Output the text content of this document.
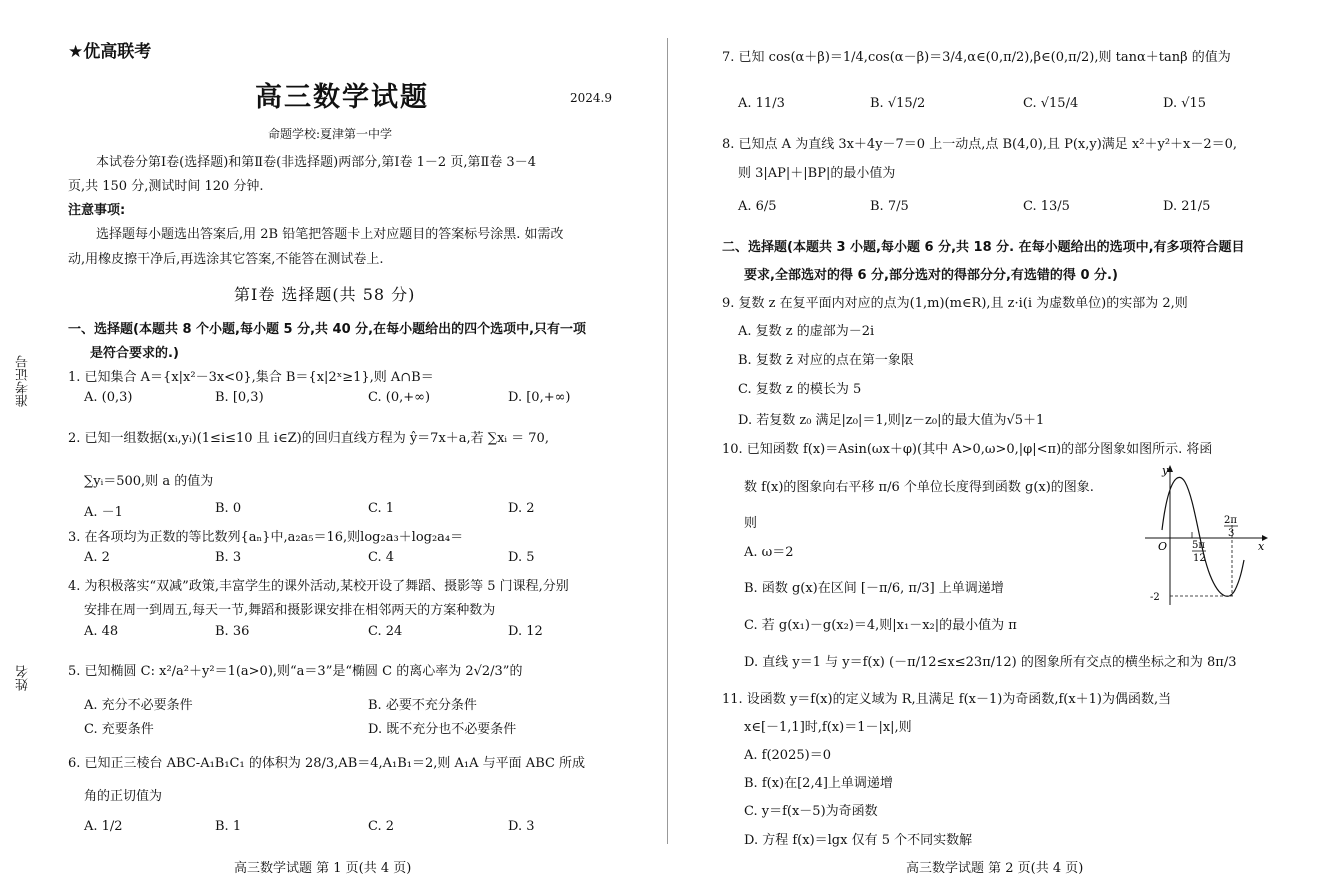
准考证号
姓名
★优高联考
高三数学试题	2024.9
命题学校:夏津第一中学
本试卷分第Ⅰ卷(选择题)和第Ⅱ卷(非选择题)两部分,第Ⅰ卷 1－2 页,第Ⅱ卷 3－4
页,共 150 分,测试时间 120 分钟.
注意事项:
选择题每小题选出答案后,用 2B 铅笔把答题卡上对应题目的答案标号涂黑. 如需改
动,用橡皮擦干净后,再选涂其它答案,不能答在测试卷上.
第Ⅰ卷 选择题(共 58 分)
一、选择题(本题共 8 个小题,每小题 5 分,共 40 分,在每小题给出的四个选项中,只有一项
是符合要求的.)
1. 已知集合 A＝{x|x²－3x<0},集合 B＝{x|2ˣ≥1},则 A∩B＝
A. (0,3)	B. [0,3)	C. (0,+∞)	D. [0,+∞)
2. 已知一组数据(xᵢ,yᵢ)(1≤i≤10 且 i∈Z)的回归直线方程为 ŷ＝7x＋a,若 ∑xᵢ ＝ 70,
∑yᵢ＝500,则 a 的值为
A. －1	B. 0	C. 1	D. 2
3. 在各项均为正数的等比数列{aₙ}中,a₂a₅＝16,则log₂a₃＋log₂a₄＝
A. 2	B. 3	C. 4	D. 5
4. 为积极落实“双减”政策,丰富学生的课外活动,某校开设了舞蹈、摄影等 5 门课程,分别
安排在周一到周五,每天一节,舞蹈和摄影课安排在相邻两天的方案种数为
A. 48	B. 36	C. 24	D. 12
5. 已知椭圆 C: x²/a²＋y²＝1(a>0),则“a＝3”是“椭圆 C 的离心率为 2√2/3”的
A. 充分不必要条件	B. 必要不充分条件
C. 充要条件	D. 既不充分也不必要条件
6. 已知正三棱台 ABC-A₁B₁C₁ 的体积为 28/3,AB＝4,A₁B₁＝2,则 A₁A 与平面 ABC 所成
角的正切值为
A. 1/2	B. 1	C. 2	D. 3
高三数学试题 第 1 页(共 4 页)
7. 已知 cos(α＋β)＝1/4,cos(α－β)＝3/4,α∈(0,π/2),β∈(0,π/2),则 tanα＋tanβ 的值为
A. 11/3	B. √15/2	C. √15/4	D. √15
8. 已知点 A 为直线 3x＋4y－7＝0 上一动点,点 B(4,0),且 P(x,y)满足 x²＋y²＋x－2＝0,
则 3|AP|＋|BP|的最小值为
A. 6/5	B. 7/5	C. 13/5	D. 21/5
二、选择题(本题共 3 小题,每小题 6 分,共 18 分. 在每小题给出的选项中,有多项符合题目
要求,全部选对的得 6 分,部分选对的得部分分,有选错的得 0 分.)
9. 复数 z 在复平面内对应的点为(1,m)(m∈R),且 z·i(i 为虚数单位)的实部为 2,则
A. 复数 z 的虚部为－2i
B. 复数 z̄ 对应的点在第一象限
C. 复数 z 的模长为 5
D. 若复数 z₀ 满足|z₀|＝1,则|z－z₀|的最大值为√5＋1
10. 已知函数 f(x)＝Asin(ωx＋φ)(其中 A>0,ω>0,|φ|<π)的部分图象如图所示. 将函
数 f(x)的图象向右平移 π/6 个单位长度得到函数 g(x)的图象.
则
A. ω＝2
B. 函数 g(x)在区间 [－π/6, π/3] 上单调递增
C. 若 g(x₁)－g(x₂)＝4,则|x₁－x₂|的最小值为 π
D. 直线 y＝1 与 y＝f(x) (－π/12≤x≤23π/12) 的图象所有交点的横坐标之和为 8π/3
y
x
O 5π
12
2π
3
-2
11. 设函数 y＝f(x)的定义域为 R,且满足 f(x－1)为奇函数,f(x＋1)为偶函数,当
x∈[－1,1]时,f(x)＝1－|x|,则
A. f(2025)＝0
B. f(x)在[2,4]上单调递增
C. y＝f(x－5)为奇函数
D. 方程 f(x)＝lgx 仅有 5 个不同实数解
高三数学试题 第 2 页(共 4 页)
